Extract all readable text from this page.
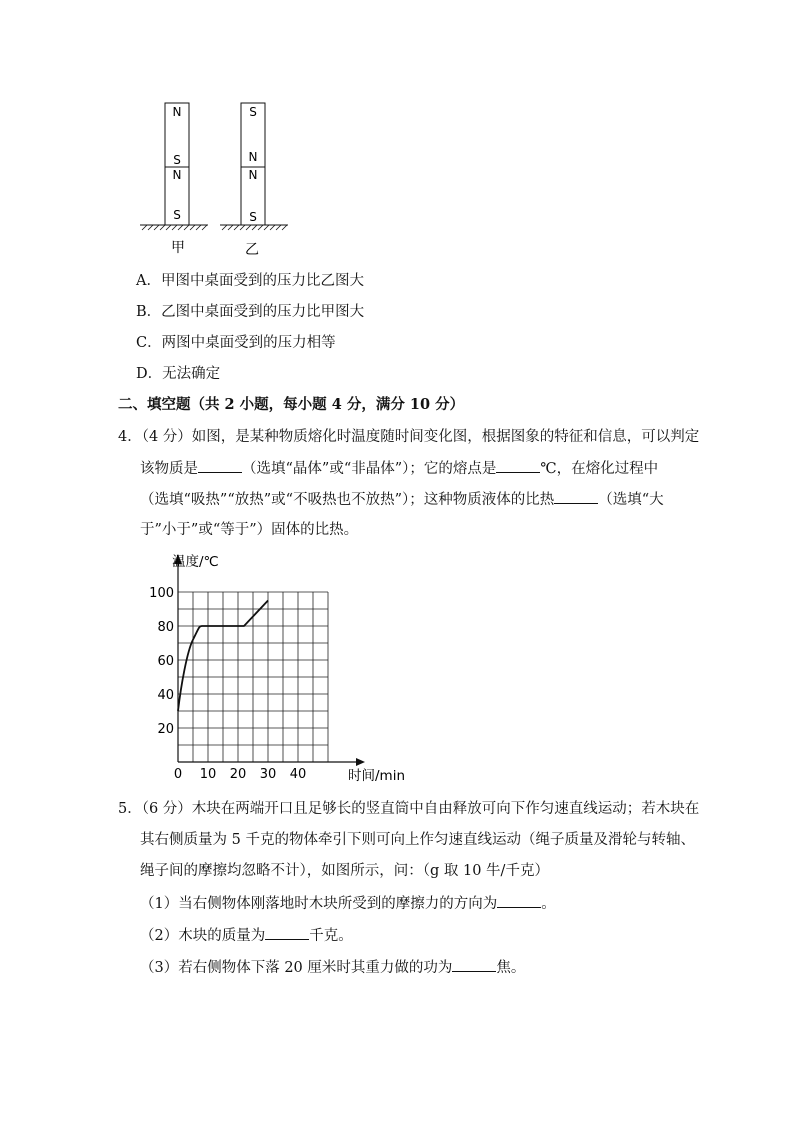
N
S
N
S
S
N
N
S
甲	乙
A．甲图中桌面受到的压力比乙图大
B．乙图中桌面受到的压力比甲图大
C．两图中桌面受到的压力相等
D．无法确定
二、填空题（共 2 小题，每小题 4 分，满分 10 分）
4．（4 分）如图，是某种物质熔化时温度随时间变化图，根据图象的特征和信息，可以判定
该物质是	（选填“晶体”或“非晶体”）；它的熔点是	℃，在熔化过程中
（选填“吸热”“放热”或“不吸热也不放热”）；这种物质液体的比热	（选填“大
于”小于”或“等于”）固体的比热。
0 10 20 30 40
20
40
60
80
100
温度/℃
时间/min
5．（6 分）木块在两端开口且足够长的竖直筒中自由释放可向下作匀速直线运动；若木块在
其右侧质量为 5 千克的物体牵引下则可向上作匀速直线运动（绳子质量及滑轮与转轴、
绳子间的摩擦均忽略不计），如图所示，问：（g 取 10 牛/千克）
（1）当右侧物体刚落地时木块所受到的摩擦力的方向为	。
（2）木块的质量为	千克。
（3）若右侧物体下落 20 厘米时其重力做的功为	焦。
